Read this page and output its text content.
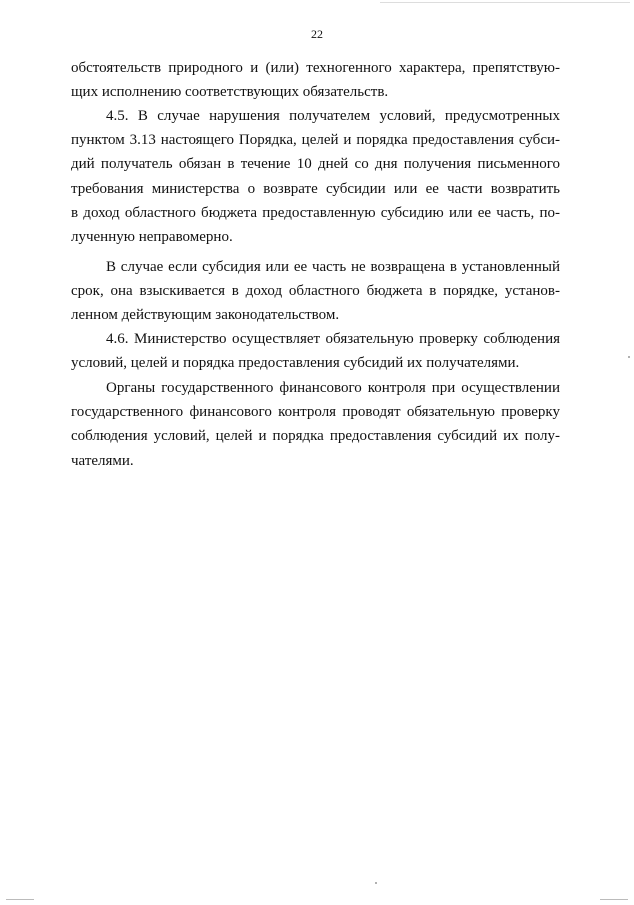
22
обстоятельств природного и (или) техногенного характера, препятствую-
щих исполнению соответствующих обязательств.
4.5. В случае нарушения получателем условий, предусмотренных
пунктом 3.13 настоящего Порядка, целей и порядка предоставления субси-
дий получатель обязан в течение 10 дней со дня получения письменного
требования министерства о возврате субсидии или ее части возвратить
в доход областного бюджета предоставленную субсидию или ее часть, по-
лученную неправомерно.
В случае если субсидия или ее часть не возвращена в установленный
срок, она взыскивается в доход областного бюджета в порядке, установ-
ленном действующим законодательством.
4.6. Министерство осуществляет обязательную проверку соблюдения
условий, целей и порядка предоставления субсидий их получателями.
Органы государственного финансового контроля при осуществлении
государственного финансового контроля проводят обязательную проверку
соблюдения условий, целей и порядка предоставления субсидий их полу-
чателями.
